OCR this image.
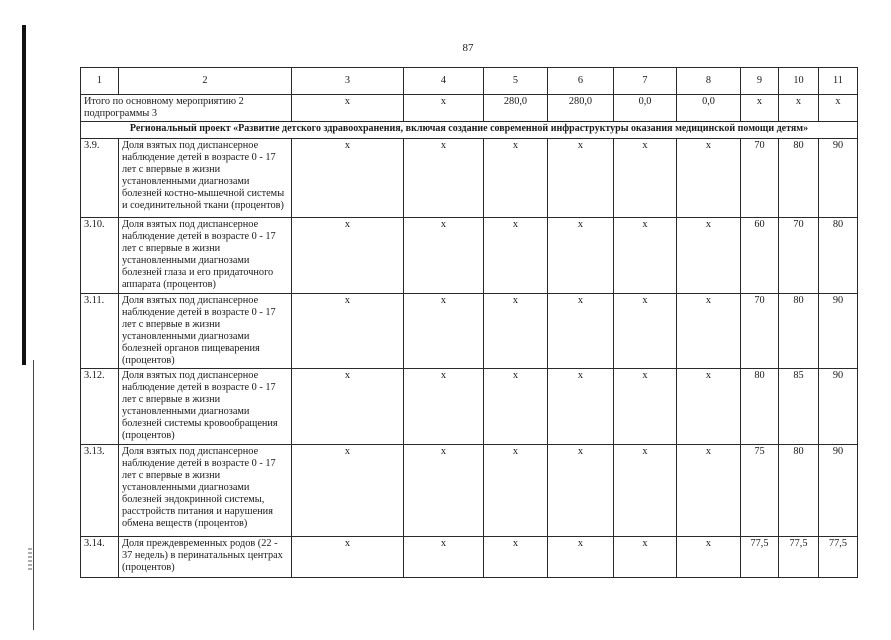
87
1	2	3	4	5	6	7	8	9	10	11
Итого по основному мероприятию 2 подпрограммы 3		х	х	280,0	280,0	0,0	0,0	х	х	х
Региональный проект «Развитие детского здравоохранения, включая создание современной инфраструктуры оказания медицинской помощи детям»										
3.9.	Доля взятых под диспансерное наблюдение детей в возрасте 0 - 17 лет с впервые в жизни установленными диагнозами болезней костно-мышечной системы и соединительной ткани (процентов)	х	х	х	х	х	х	70	80	90
3.10.	Доля взятых под диспансерное наблюдение детей в возрасте 0 - 17 лет с впервые в жизни установленными диагнозами болезней глаза и его придаточного аппарата (процентов)	х	х	х	х	х	х	60	70	80
3.11.	Доля взятых под диспансерное наблюдение детей в возрасте 0 - 17 лет с впервые в жизни установленными диагнозами болезней органов пищеварения (процентов)	х	х	х	х	х	х	70	80	90
3.12.	Доля взятых под диспансерное наблюдение детей в возрасте 0 - 17 лет с впервые в жизни установленными диагнозами болезней системы кровообращения (процентов)	х	х	х	х	х	х	80	85	90
3.13.	Доля взятых под диспансерное наблюдение детей в возрасте 0 - 17 лет с впервые в жизни установленными диагнозами болезней эндокринной системы, расстройств питания и нарушения обмена веществ (процентов)	х	х	х	х	х	х	75	80	90
3.14.	Доля преждевременных родов (22 - 37 недель) в перинатальных центрах (процентов)	х	х	х	х	х	х	77,5	77,5	77,5
